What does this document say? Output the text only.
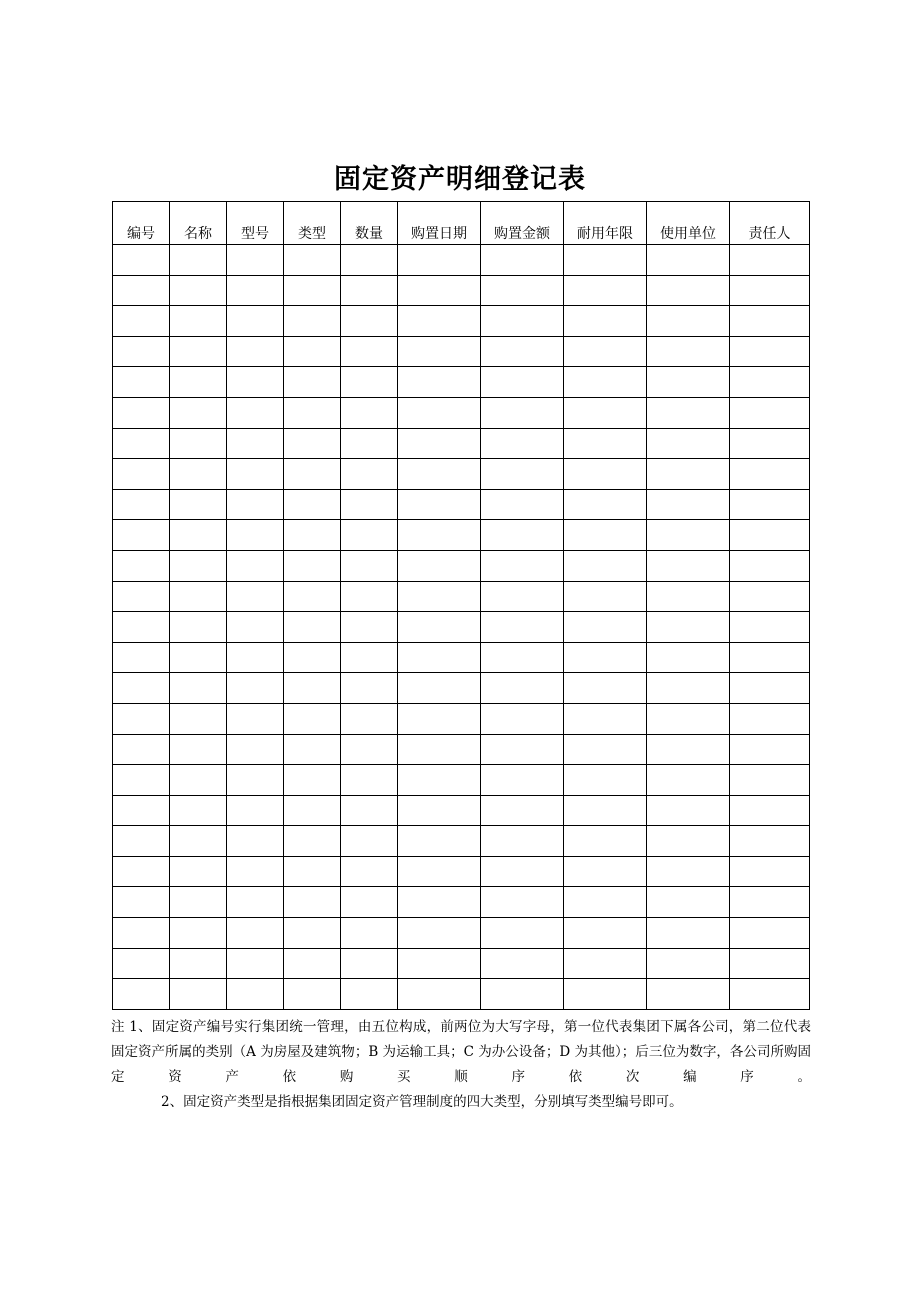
固定资产明细登记表
编号	名称	型号	类型	数量	购置日期	购置金额	耐用年限	使用单位	责任人

注 1、固定资产编号实行集团统一管理，由五位构成，前两位为大写字母，第一位代表集团下属各公司，第二位代表固定资产所属的类别（A 为房屋及建筑物；B 为运输工具；C 为办公设备；D 为其他）；后三位为数字，各公司所购固定资产依购买顺序依次编序。

2、固定资产类型是指根据集团固定资产管理制度的四大类型，分别填写类型编号即可。
